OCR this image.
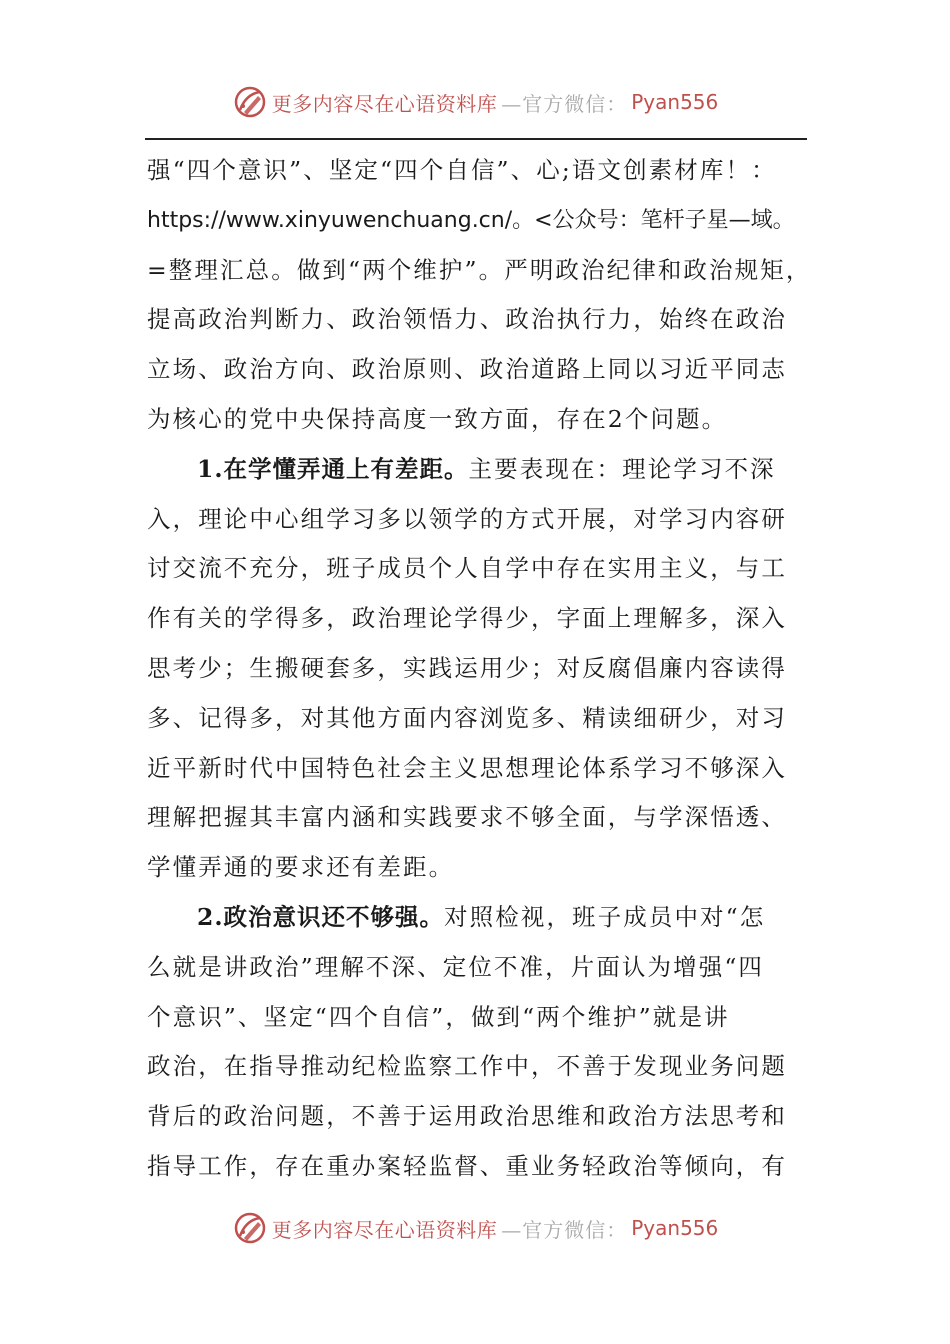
更多内容尽在心语资料库 —官方微信： Pyan556

强“四个意识”、坚定“四个自信”、心;语文创素材库！：
https://www.xinyuwenchuang.cn/。<公众号：笔杆子星—域。
=整理汇总。做到“两个维护”。严明政治纪律和政治规矩，
提高政治判断力、政治领悟力、政治执行力，始终在政治
立场、政治方向、政治原则、政治道路上同以习近平同志
为核心的党中央保持高度一致方面，存在2个问题。

1.在学懂弄通上有差距。主要表现在：理论学习不深
入，理论中心组学习多以领学的方式开展，对学习内容研
讨交流不充分，班子成员个人自学中存在实用主义，与工
作有关的学得多，政治理论学得少，字面上理解多，深入
思考少；生搬硬套多，实践运用少；对反腐倡廉内容读得
多、记得多，对其他方面内容浏览多、精读细研少，对习
近平新时代中国特色社会主义思想理论体系学习不够深入
理解把握其丰富内涵和实践要求不够全面，与学深悟透、
学懂弄通的要求还有差距。

2.政治意识还不够强。对照检视，班子成员中对“怎
么就是讲政治”理解不深、定位不准，片面认为增强“四
个意识”、坚定“四个自信”，做到“两个维护”就是讲
政治，在指导推动纪检监察工作中，不善于发现业务问题
背后的政治问题，不善于运用政治思维和政治方法思考和
指导工作，存在重办案轻监督、重业务轻政治等倾向，有

更多内容尽在心语资料库 —官方微信： Pyan556
